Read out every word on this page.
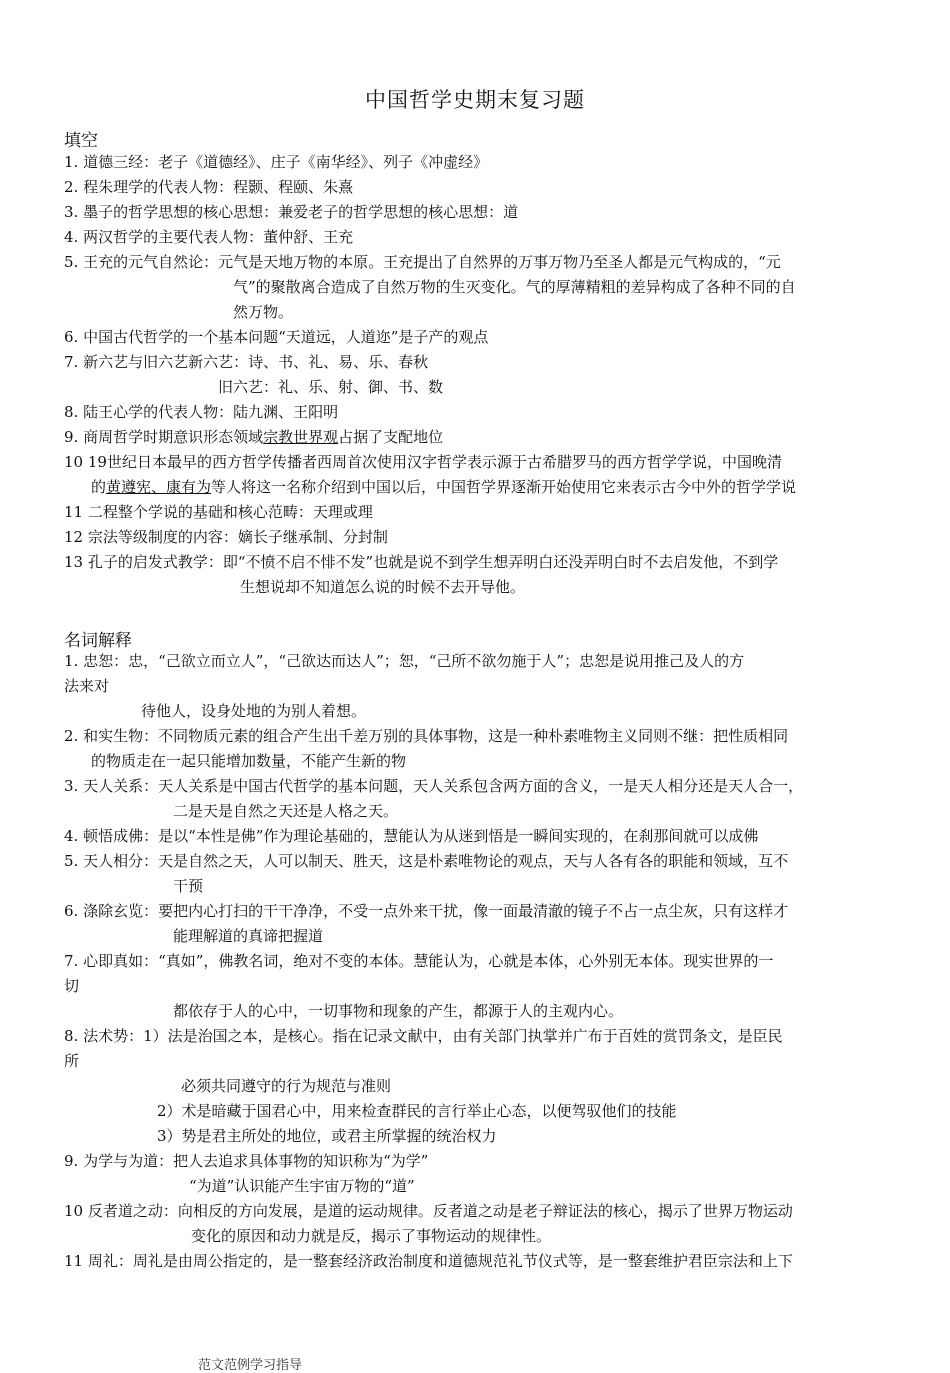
中国哲学史期末复习题
填空
1. 道德三经：老子《道德经》、庄子《南华经》、列子《冲虚经》
2. 程朱理学的代表人物：程颢、程颐、朱熹
3. 墨子的哲学思想的核心思想：兼爱老子的哲学思想的核心思想：道
4. 两汉哲学的主要代表人物：董仲舒、王充
5. 王充的元气自然论：元气是天地万物的本原。王充提出了自然界的万事万物乃至圣人都是元气构成的，“元
气”的聚散离合造成了自然万物的生灭变化。气的厚薄精粗的差异构成了各种不同的自
然万物。
6. 中国古代哲学的一个基本问题“天道远，人道迩”是子产的观点
7. 新六艺与旧六艺新六艺：诗、书、礼、易、乐、春秋
旧六艺：礼、乐、射、御、书、数
8. 陆王心学的代表人物：陆九渊、王阳明
9. 商周哲学时期意识形态领域宗教世界观占据了支配地位
10 19世纪日本最早的西方哲学传播者西周首次使用汉字哲学表示源于古希腊罗马的西方哲学学说，中国晚清
的黄遵宪、康有为等人将这一名称介绍到中国以后，中国哲学界逐渐开始使用它来表示古今中外的哲学学说
11 二程整个学说的基础和核心范畴：天理或理
12 宗法等级制度的内容：嫡长子继承制、分封制
13 孔子的启发式教学：即“不愤不启不悱不发”也就是说不到学生想弄明白还没弄明白时不去启发他，不到学
生想说却不知道怎么说的时候不去开导他。
名词解释
1. 忠恕：忠，“己欲立而立人”，“己欲达而达人”；恕，“己所不欲勿施于人”；忠恕是说用推己及人的方
法来对
待他人，设身处地的为别人着想。
2. 和实生物：不同物质元素的组合产生出千差万别的具体事物，这是一种朴素唯物主义同则不继：把性质相同
的物质走在一起只能增加数量，不能产生新的物
3. 天人关系：天人关系是中国古代哲学的基本问题，天人关系包含两方面的含义，一是天人相分还是天人合一，
二是天是自然之天还是人格之天。
4. 顿悟成佛：是以“本性是佛”作为理论基础的，慧能认为从迷到悟是一瞬间实现的，在刹那间就可以成佛
5. 天人相分：天是自然之天，人可以制天、胜天，这是朴素唯物论的观点，天与人各有各的职能和领域，互不
干预
6. 涤除玄览：要把内心打扫的干干净净，不受一点外来干扰，像一面最清澈的镜子不占一点尘灰，只有这样才
能理解道的真谛把握道
7. 心即真如：“真如”，佛教名词，绝对不变的本体。慧能认为，心就是本体，心外别无本体。现实世界的一
切
都依存于人的心中，一切事物和现象的产生，都源于人的主观内心。
8. 法术势：1）法是治国之本，是核心。指在记录文献中，由有关部门执掌并广布于百姓的赏罚条文，是臣民
所
必须共同遵守的行为规范与准则
2）术是暗藏于国君心中，用来检查群民的言行举止心态，以便驾驭他们的技能
3）势是君主所处的地位，或君主所掌握的统治权力
9. 为学与为道：把人去追求具体事物的知识称为“为学”
“为道”认识能产生宇宙万物的“道”
10 反者道之动：向相反的方向发展，是道的运动规律。反者道之动是老子辩证法的核心，揭示了世界万物运动
变化的原因和动力就是反，揭示了事物运动的规律性。
11 周礼：周礼是由周公指定的，是一整套经济政治制度和道德规范礼节仪式等，是一整套维护君臣宗法和上下
范文范例学习指导
